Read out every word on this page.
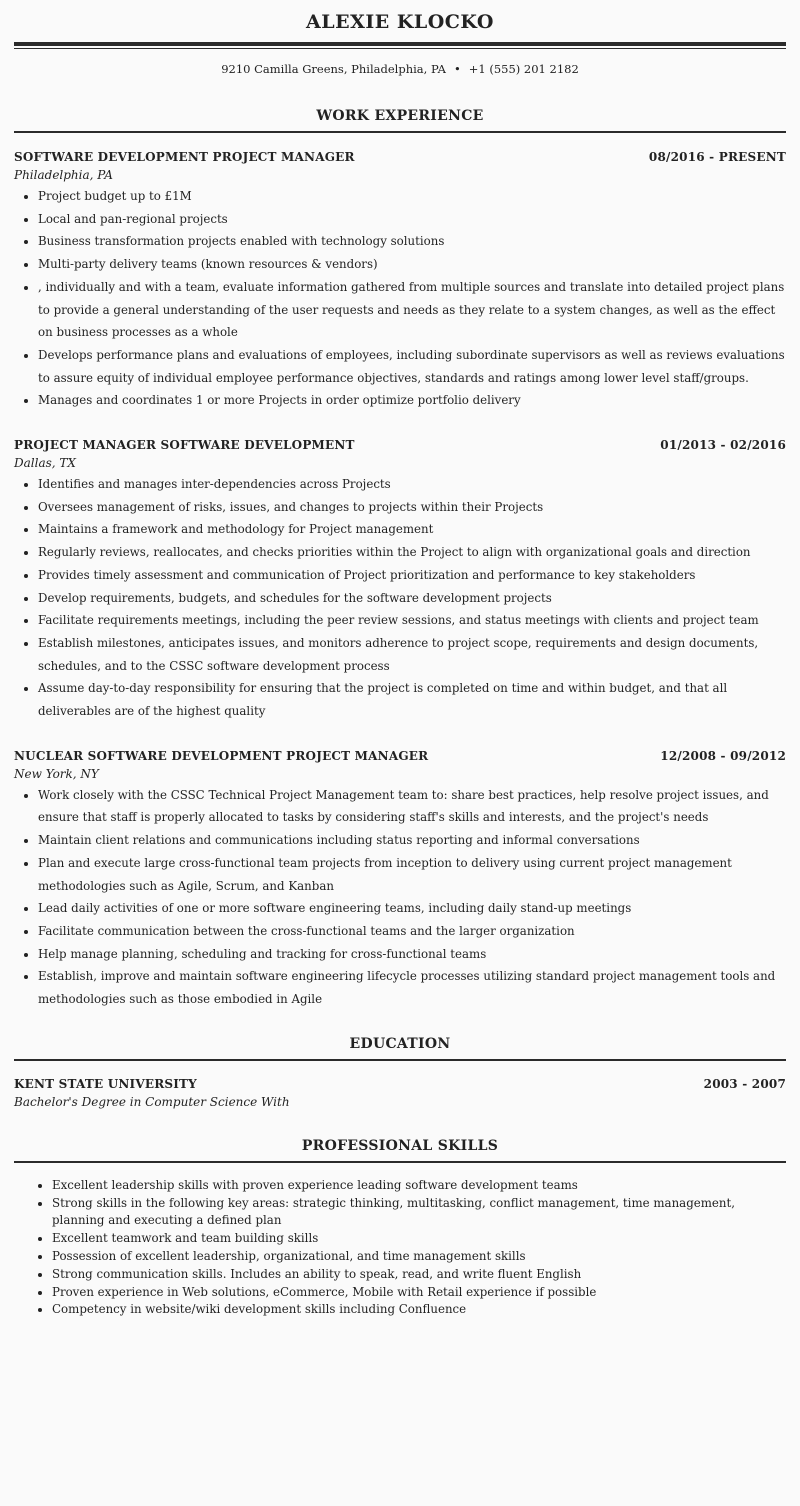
ALEXIE KLOCKO
9210 Camilla Greens, Philadelphia, PA • +1 (555) 201 2182
WORK EXPERIENCE
SOFTWARE DEVELOPMENT PROJECT MANAGER	08/2016 - PRESENT
Philadelphia, PA
• Project budget up to £1M
• Local and pan-regional projects
• Business transformation projects enabled with technology solutions
• Multi-party delivery teams (known resources & vendors)
• , individually and with a team, evaluate information gathered from multiple sources and translate into detailed project plans to provide a general understanding of the user requests and needs as they relate to a system changes, as well as the effect on business processes as a whole
• Develops performance plans and evaluations of employees, including subordinate supervisors as well as reviews evaluations to assure equity of individual employee performance objectives, standards and ratings among lower level staff/groups.
• Manages and coordinates 1 or more Projects in order optimize portfolio delivery
PROJECT MANAGER SOFTWARE DEVELOPMENT	01/2013 - 02/2016
Dallas, TX
• Identifies and manages inter-dependencies across Projects
• Oversees management of risks, issues, and changes to projects within their Projects
• Maintains a framework and methodology for Project management
• Regularly reviews, reallocates, and checks priorities within the Project to align with organizational goals and direction
• Provides timely assessment and communication of Project prioritization and performance to key stakeholders
• Develop requirements, budgets, and schedules for the software development projects
• Facilitate requirements meetings, including the peer review sessions, and status meetings with clients and project team
• Establish milestones, anticipates issues, and monitors adherence to project scope, requirements and design documents, schedules, and to the CSSC software development process
• Assume day-to-day responsibility for ensuring that the project is completed on time and within budget, and that all deliverables are of the highest quality
NUCLEAR SOFTWARE DEVELOPMENT PROJECT MANAGER	12/2008 - 09/2012
New York, NY
• Work closely with the CSSC Technical Project Management team to: share best practices, help resolve project issues, and ensure that staff is properly allocated to tasks by considering staff's skills and interests, and the project's needs
• Maintain client relations and communications including status reporting and informal conversations
• Plan and execute large cross-functional team projects from inception to delivery using current project management methodologies such as Agile, Scrum, and Kanban
• Lead daily activities of one or more software engineering teams, including daily stand-up meetings
• Facilitate communication between the cross-functional teams and the larger organization
• Help manage planning, scheduling and tracking for cross-functional teams
• Establish, improve and maintain software engineering lifecycle processes utilizing standard project management tools and methodologies such as those embodied in Agile
EDUCATION
KENT STATE UNIVERSITY	2003 - 2007
Bachelor's Degree in Computer Science With
PROFESSIONAL SKILLS
• Excellent leadership skills with proven experience leading software development teams
• Strong skills in the following key areas: strategic thinking, multitasking, conflict management, time management, planning and executing a defined plan
• Excellent teamwork and team building skills
• Possession of excellent leadership, organizational, and time management skills
• Strong communication skills. Includes an ability to speak, read, and write fluent English
• Proven experience in Web solutions, eCommerce, Mobile with Retail experience if possible
• Competency in website/wiki development skills including Confluence
